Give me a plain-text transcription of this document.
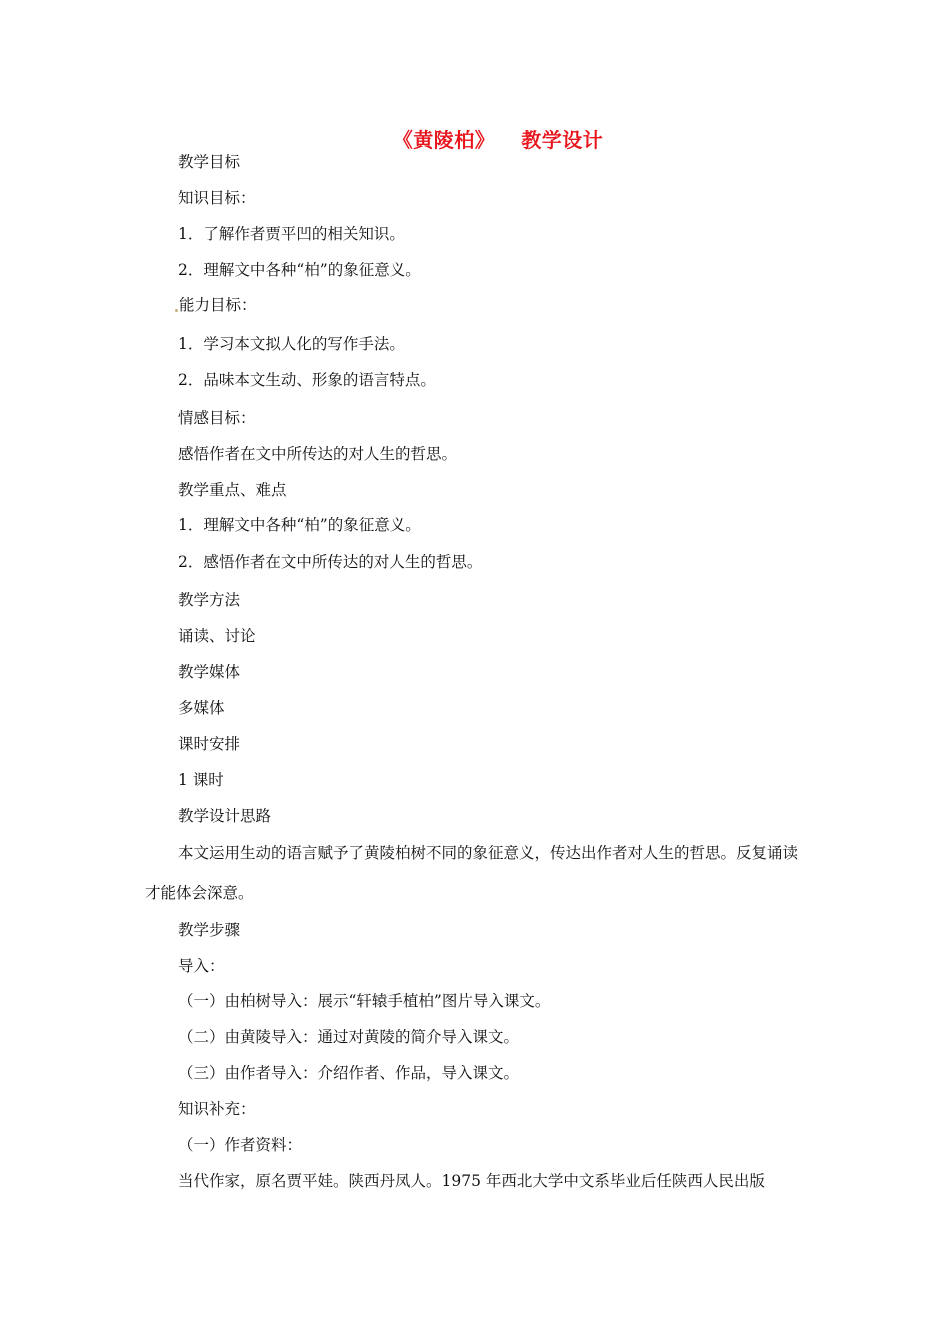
《黄陵柏》 教学设计
教学目标
知识目标：
1．了解作者贾平凹的相关知识。
2．理解文中各种“柏”的象征意义。
能力目标：
1．学习本文拟人化的写作手法。
2．品味本文生动、形象的语言特点。
情感目标：
感悟作者在文中所传达的对人生的哲思。
教学重点、难点
1．理解文中各种“柏”的象征意义。
2．感悟作者在文中所传达的对人生的哲思。
教学方法
诵读、讨论
教学媒体
多媒体
课时安排
1 课时
教学设计思路
本文运用生动的语言赋予了黄陵柏树不同的象征意义，传达出作者对人生的哲思。反复诵读才能体会深意。
教学步骤
导入：
（一）由柏树导入：展示“轩辕手植柏”图片导入课文。
（二）由黄陵导入：通过对黄陵的简介导入课文。
（三）由作者导入：介绍作者、作品，导入课文。
知识补充：
（一）作者资料：
当代作家，原名贾平娃。陕西丹凤人。1975 年西北大学中文系毕业后任陕西人民出版
